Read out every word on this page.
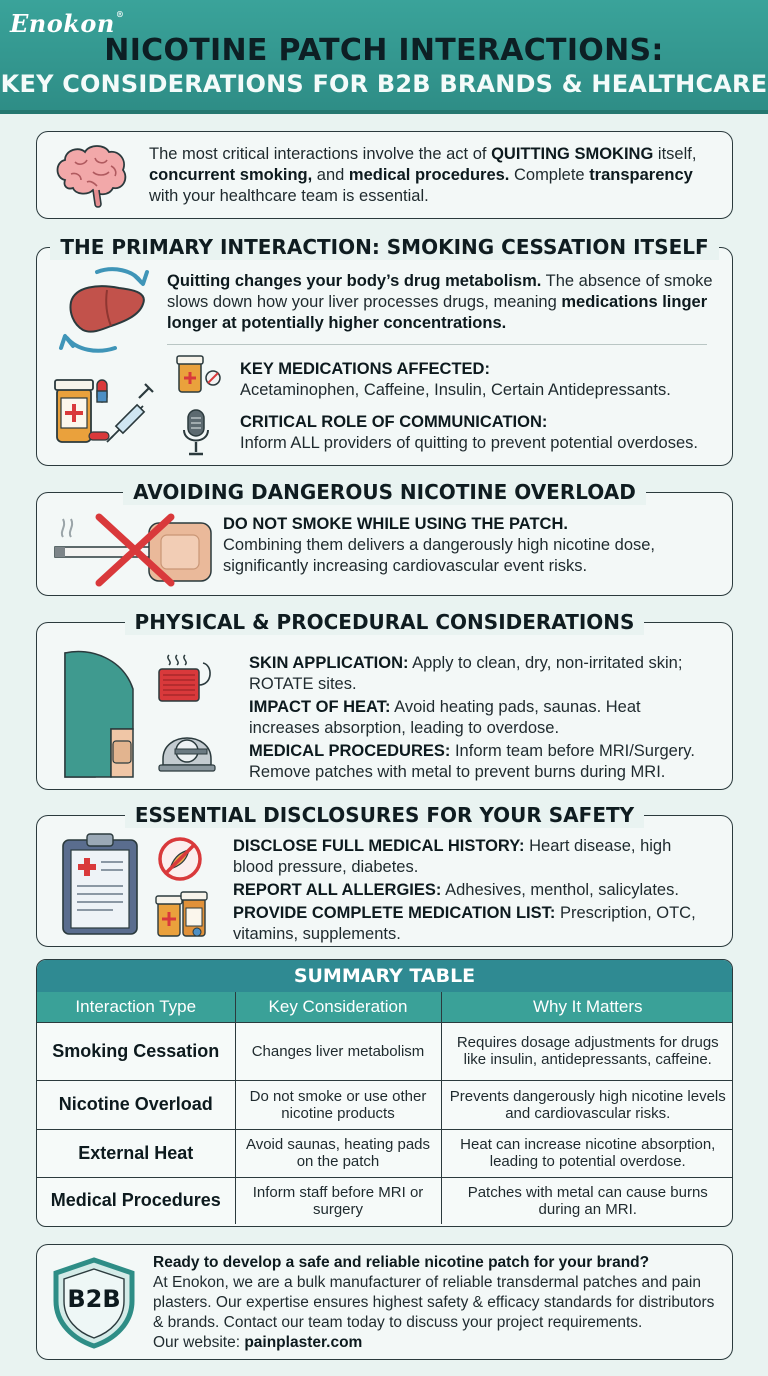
Enokon®
NICOTINE PATCH INTERACTIONS:
KEY CONSIDERATIONS FOR B2B BRANDS & HEALTHCARE
The most critical interactions involve the act of QUITTING SMOKING itself, concurrent smoking, and medical procedures. Complete transparency with your healthcare team is essential.
THE PRIMARY INTERACTION: SMOKING CESSATION ITSELF
Quitting changes your body’s drug metabolism. The absence of smoke slows down how your liver processes drugs, meaning medications linger longer at potentially higher concentrations.
KEY MEDICATIONS AFFECTED:
Acetaminophen, Caffeine, Insulin, Certain Antidepressants.
CRITICAL ROLE OF COMMUNICATION:
Inform ALL providers of quitting to prevent potential overdoses.
AVOIDING DANGEROUS NICOTINE OVERLOAD
DO NOT SMOKE WHILE USING THE PATCH.
Combining them delivers a dangerously high nicotine dose, significantly increasing cardiovascular event risks.
PHYSICAL & PROCEDURAL CONSIDERATIONS
SKIN APPLICATION: Apply to clean, dry, non-irritated skin; ROTATE sites.
IMPACT OF HEAT: Avoid heating pads, saunas. Heat increases absorption, leading to overdose.
MEDICAL PROCEDURES: Inform team before MRI/Surgery. Remove patches with metal to prevent burns during MRI.
ESSENTIAL DISCLOSURES FOR YOUR SAFETY
DISCLOSE FULL MEDICAL HISTORY: Heart disease, high blood pressure, diabetes.
REPORT ALL ALLERGIES: Adhesives, menthol, salicylates.
PROVIDE COMPLETE MEDICATION LIST: Prescription, OTC, vitamins, supplements.
SUMMARY TABLE
Interaction Type	Key Consideration	Why It Matters
Smoking Cessation	Changes liver metabolism	Requires dosage adjustments for drugs like insulin, antidepressants, caffeine.
Nicotine Overload	Do not smoke or use other nicotine products	Prevents dangerously high nicotine levels and cardiovascular risks.
External Heat	Avoid saunas, heating pads on the patch	Heat can increase nicotine absorption, leading to potential overdose.
Medical Procedures	Inform staff before MRI or surgery	Patches with metal can cause burns during an MRI.
B2B
Ready to develop a safe and reliable nicotine patch for your brand?
At Enokon, we are a bulk manufacturer of reliable transdermal patches and pain plasters. Our expertise ensures highest safety & efficacy standards for distributors & brands. Contact our team today to discuss your project requirements.
Our website: painplaster.com
